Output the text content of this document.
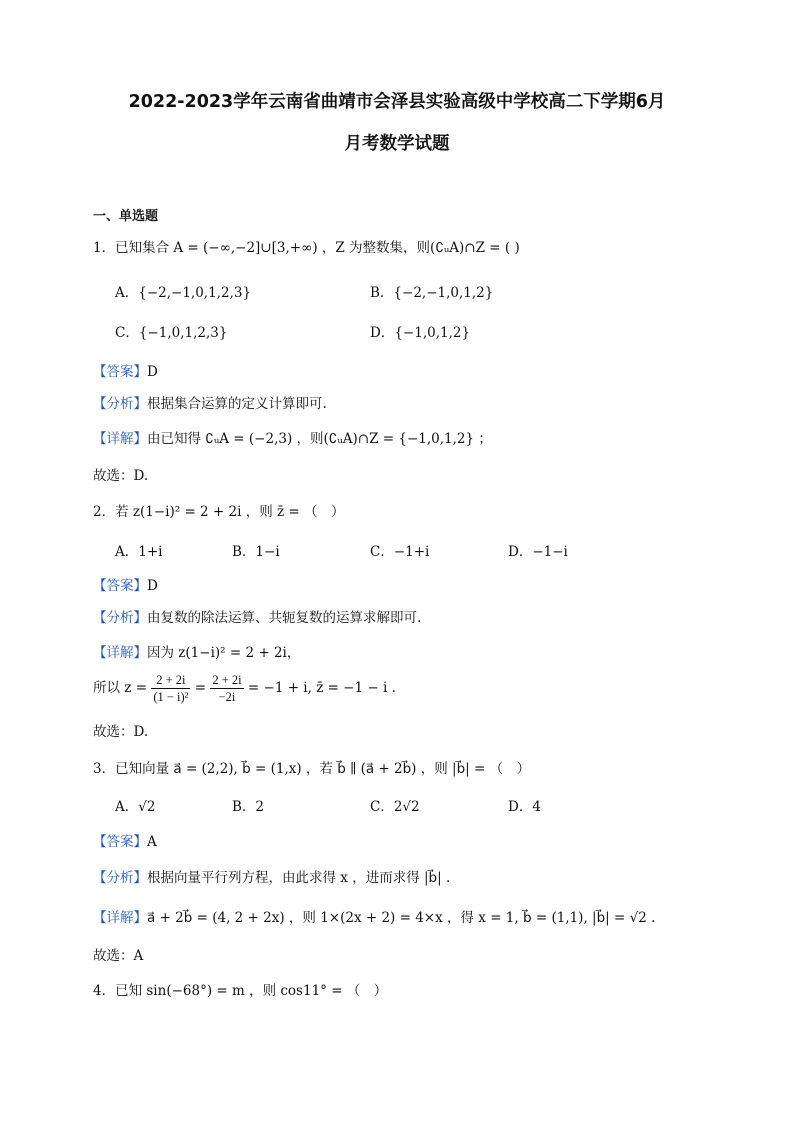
2022-2023学年云南省曲靖市会泽县实验高级中学校高二下学期6月
月考数学试题
一、单选题
1．已知集合 A = (−∞,−2]∪[3,+∞) ，Z 为整数集，则(∁ᵤA)∩Z = ( )
A．{−2,−1,0,1,2,3}	B．{−2,−1,0,1,2}
C．{−1,0,1,2,3}	D．{−1,0,1,2}
【答案】D
【分析】根据集合运算的定义计算即可.
【详解】由已知得 ∁ᵤA = (−2,3) ，则(∁ᵤA)∩Z = {−1,0,1,2} ；
故选：D.
2．若 z(1−i)² = 2 + 2i ，则 z̄ = （　）
A．1+i	B．1−i	C．−1+i	D．−1−i
【答案】D
【分析】由复数的除法运算、共轭复数的运算求解即可.
【详解】因为 z(1−i)² = 2 + 2i，
所以 $z = \frac{2 + 2i}{\text{(1 − i)²}} = \frac{2 + 2i}{-2i} = -1 + i$, z̄ = −1 − i .
故选：D.
3．已知向量 a⃗ = (2,2), b⃗ = (1,x) ，若 b⃗ ∥ (a⃗ + 2b⃗) ，则 |b⃗| = （　）
A．√2	B．2	C．2√2	D．4
【答案】A
【分析】根据向量平行列方程，由此求得 x ，进而求得 |b⃗| .
【详解】a⃗ + 2b⃗ = (4, 2 + 2x) ，则 1×(2x + 2) = 4×x ，得 x = 1, b⃗ = (1,1), |b⃗| = √2 .
故选：A
4．已知 sin(−68°) = m ，则 cos11° = （　）
